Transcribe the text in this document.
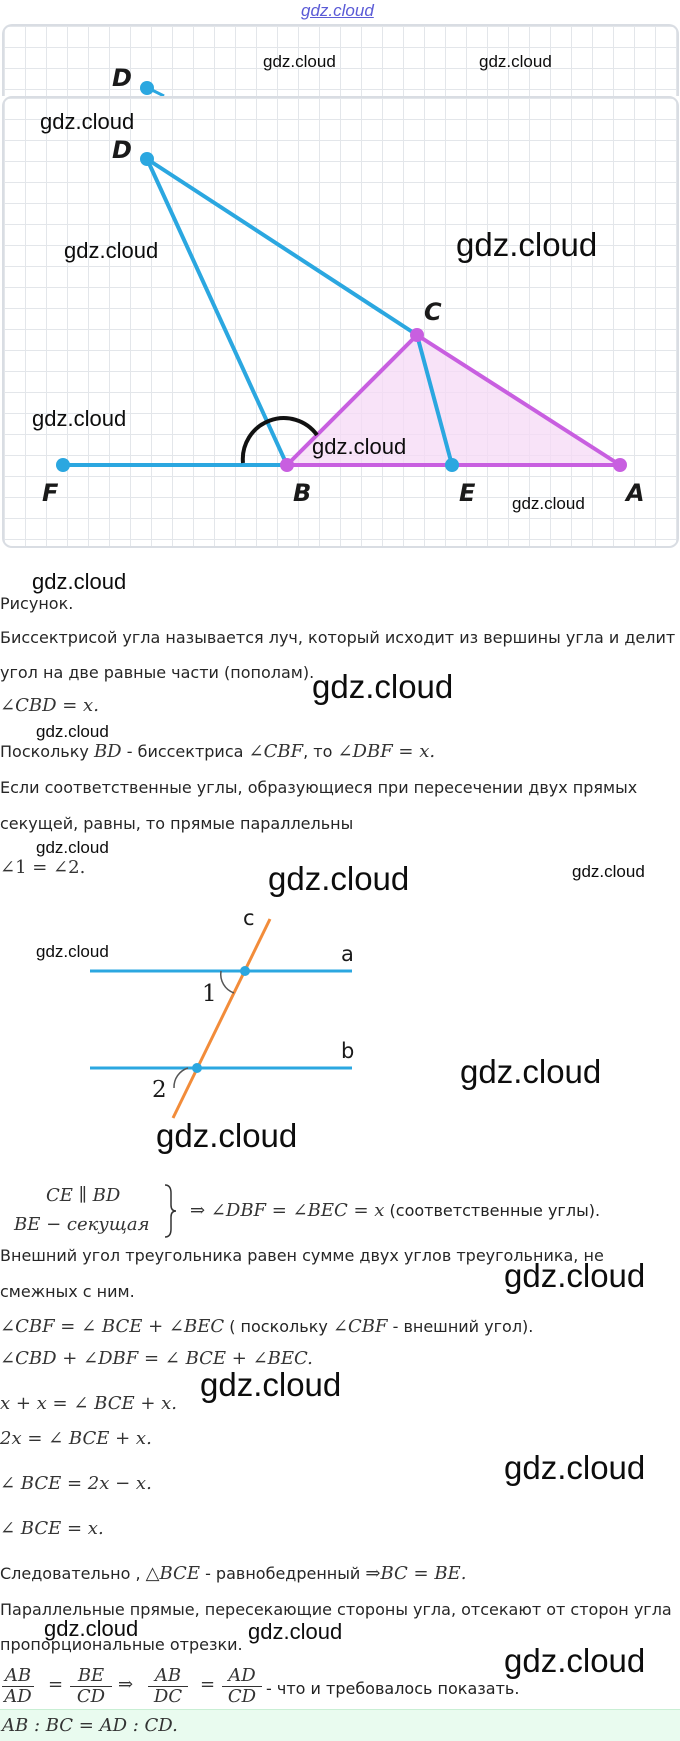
gdz.cloud
D
gdz.cloud	gdz.cloud
D
C
F	B	E	A
gdz.cloud
gdz.cloud	gdz.cloud
gdz.cloud
gdz.cloud
gdz.cloud
gdz.cloud
Рисунок.
Биссектрисой угла называется луч, который исходит из вершины угла и делит
угол на две равные части (пополам).
gdz.cloud
∠CBD = x.
gdz.cloud
Поскольку BD - биссектриса ∠CBF, то ∠DBF = x.
Если соответственные углы, образующиеся при пересечении двух прямых
секущей, равны, то прямые параллельны
gdz.cloud
∠1 = ∠2.	gdz.cloud	gdz.cloud
c
a
b
1
2
gdz.cloud
gdz.cloud
gdz.cloud
CE ∥ BD
BE − секущая
⇒ ∠DBF = ∠BEC = x (соответственные углы).
Внешний угол треугольника равен сумме двух углов треугольника, не
gdz.cloud
смежных с ним.
∠CBF = ∠ BCE + ∠BEC ( поскольку ∠CBF - внешний угол).
∠CBD + ∠DBF = ∠ BCE + ∠BEC.
gdz.cloud
x + x = ∠ BCE + x.
2x = ∠ BCE + x.
gdz.cloud
∠ BCE = 2x − x.
∠ BCE = x.
Следовательно , △BCE - равнобедренный ⇒BC = BE.
Параллельные прямые, пересекающие стороны угла, отсекают от сторон угла
пропорциональные отрезки.
gdz.cloud	gdz.cloud
gdz.cloud
AB
AD
= BE
CD
⇒	AB
DC
= AD
CD - что и требовалось показать.
AB : BC = AD : CD.
